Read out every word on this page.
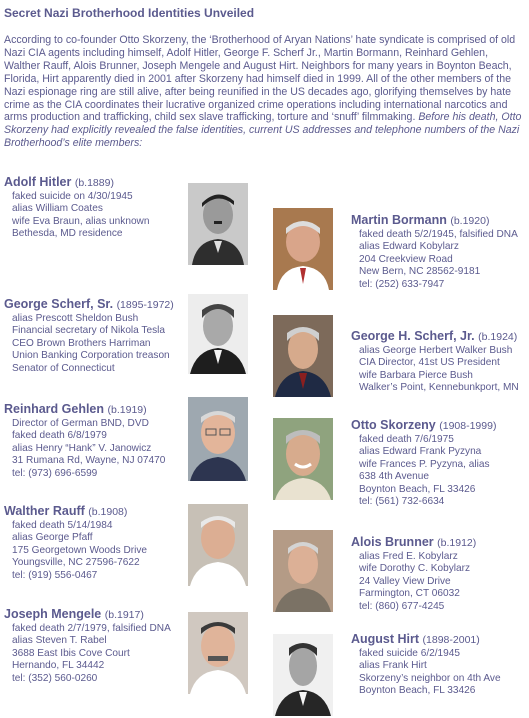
Secret Nazi Brotherhood Identities Unveiled
According to co-founder Otto Skorzeny, the ‘Brotherhood of Aryan Nations’ hate syndicate is comprised of old Nazi CIA agents including himself, Adolf Hitler, George F. Scherf Jr., Martin Bormann, Reinhard Gehlen, Walther Rauff, Alois Brunner, Joseph Mengele and August Hirt. Neighbors for many years in Boynton Beach, Florida, Hirt apparently died in 2001 after Skorzeny had himself died in 1999. All of the other members of the Nazi espionage ring are still alive, after being reunified in the US decades ago, glorifying themselves by hate crime as the CIA coordinates their lucrative organized crime operations including international narcotics and arms production and trafficking, child sex slave trafficking, torture and ‘snuff’ filmmaking. Before his death, Otto Skorzeny had explicitly revealed the false identities, current US addresses and telephone numbers of the Nazi Brotherhood’s elite members:
Adolf Hitler (b.1889)
faked suicide on 4/30/1945
alias William Coates
wife Eva Braun, alias unknown
Bethesda, MD residence
George Scherf, Sr. (1895-1972)
alias Prescott Sheldon Bush
Financial secretary of Nikola Tesla
CEO Brown Brothers Harriman
Union Banking Corporation treason
Senator of Connecticut
Reinhard Gehlen (b.1919)
Director of German BND, DVD
faked death 6/8/1979
alias Henry “Hank” V. Janowicz
31 Rumana Rd, Wayne, NJ 07470
tel: (973) 696-6599
Walther Rauff (b.1908)
faked death 5/14/1984
alias George Pfaff
175 Georgetown Woods Drive
Youngsville, NC 27596-7622
tel: (919) 556-0467
Joseph Mengele (b.1917)
faked death 2/7/1979, falsified DNA
alias Steven T. Rabel
3688 East Ibis Cove Court
Hernando, FL 34442
tel: (352) 560-0260
Martin Bormann (b.1920)
faked death 5/2/1945, falsified DNA
alias Edward Kobylarz
204 Creekview Road
New Bern, NC 28562-9181
tel: (252) 633-7947
George H. Scherf, Jr. (b.1924)
alias George Herbert Walker Bush
CIA Director, 41st US President
wife Barbara Pierce Bush
Walker’s Point, Kennebunkport, MN
Otto Skorzeny (1908-1999)
faked death 7/6/1975
alias Edward Frank Pyzyna
wife Frances P. Pyzyna, alias
638 4th Avenue
Boynton Beach, FL 33426
tel: (561) 732-6634
Alois Brunner (b.1912)
alias Fred E. Kobylarz
wife Dorothy C. Kobylarz
24 Valley View Drive
Farmington, CT 06032
tel: (860) 677-4245
August Hirt (1898-2001)
faked suicide 6/2/1945
alias Frank Hirt
Skorzeny’s neighbor on 4th Ave
Boynton Beach, FL 33426
